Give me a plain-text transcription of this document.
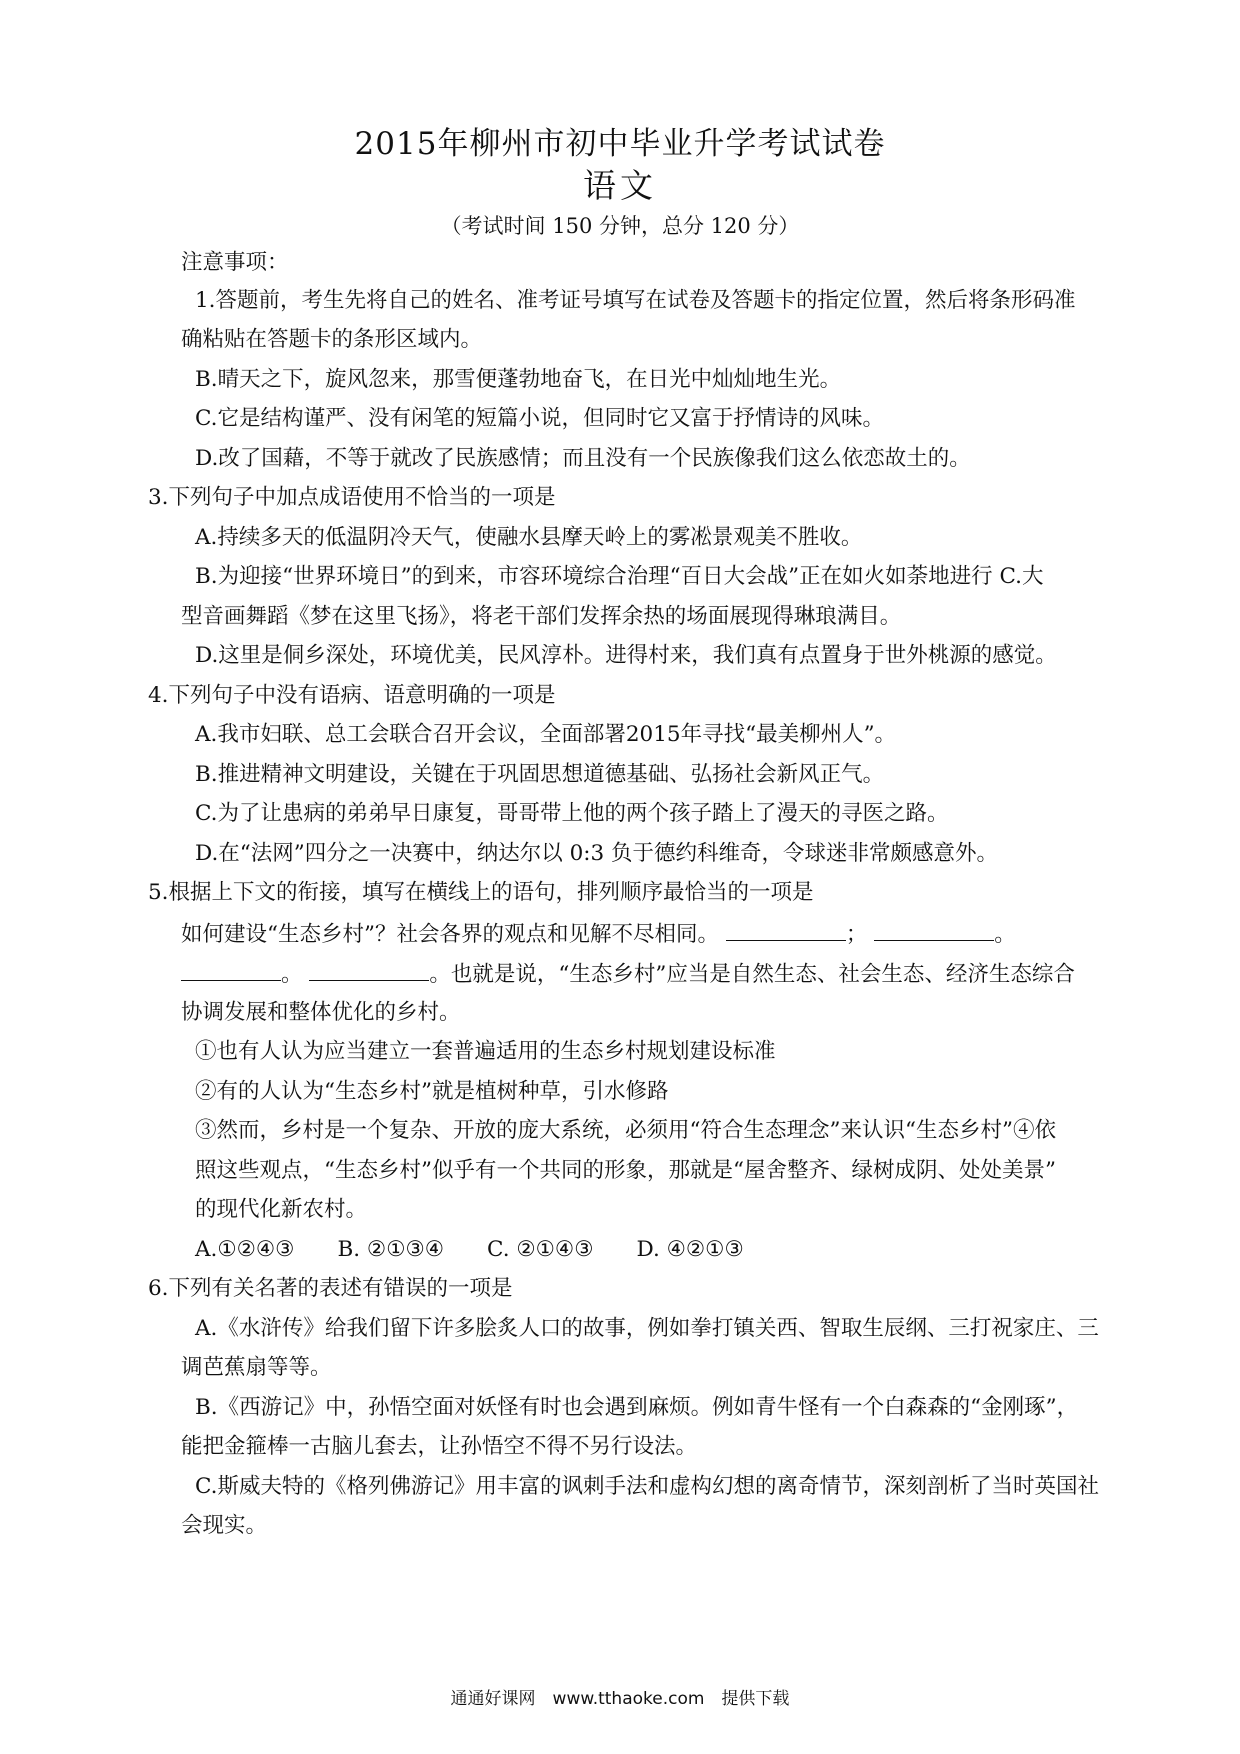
2015年柳州市初中毕业升学考试试卷
语文
（考试时间 150 分钟，总分 120 分）
注意事项：
1.答题前，考生先将自己的姓名、准考证号填写在试卷及答题卡的指定位置，然后将条形码准
确粘贴在答题卡的条形区域内。
B.晴天之下，旋风忽来，那雪便蓬勃地奋飞，在日光中灿灿地生光。
C.它是结构谨严、没有闲笔的短篇小说，但同时它又富于抒情诗的风味。
D.改了国藉，不等于就改了民族感情；而且没有一个民族像我们这么依恋故土的。
3.下列句子中加点成语使用不恰当的一项是
A.持续多天的低温阴冷天气，使融水县摩天岭上的雾凇景观美不胜收。
B.为迎接“世界环境日”的到来，市容环境综合治理“百日大会战”正在如火如荼地进行 C.大
型音画舞蹈《梦在这里飞扬》，将老干部们发挥余热的场面展现得琳琅满目。
D.这里是侗乡深处，环境优美，民风淳朴。进得村来，我们真有点置身于世外桃源的感觉。
4.下列句子中没有语病、语意明确的一项是
A.我市妇联、总工会联合召开会议，全面部署2015年寻找“最美柳州人”。
B.推进精神文明建设，关键在于巩固思想道德基础、弘扬社会新风正气。
C.为了让患病的弟弟早日康复，哥哥带上他的两个孩子踏上了漫天的寻医之路。
D.在“法网”四分之一决赛中，纳达尔以 0:3 负于德约科维奇，令球迷非常颇感意外。
5.根据上下文的衔接，填写在横线上的语句，排列顺序最恰当的一项是
如何建设“生态乡村”？社会各界的观点和见解不尽相同。	；	。
。	。也就是说，“生态乡村”应当是自然生态、社会生态、经济生态综合
协调发展和整体优化的乡村。
①也有人认为应当建立一套普遍适用的生态乡村规划建设标准
②有的人认为“生态乡村”就是植树种草，引水修路
③然而，乡村是一个复杂、开放的庞大系统，必须用“符合生态理念”来认识“生态乡村”④依
照这些观点，“生态乡村”似乎有一个共同的形象，那就是“屋舍整齐、绿树成阴、处处美景”
的现代化新农村。
A.①②④③　　B. ②①③④　　C. ②①④③　　D. ④②①③
6.下列有关名著的表述有错误的一项是
A.《水浒传》给我们留下许多脍炙人口的故事，例如拳打镇关西、智取生辰纲、三打祝家庄、三
调芭蕉扇等等。
B.《西游记》中，孙悟空面对妖怪有时也会遇到麻烦。例如青牛怪有一个白森森的“金刚琢”，
能把金箍棒一古脑儿套去，让孙悟空不得不另行设法。
C.斯威夫特的《格列佛游记》用丰富的讽刺手法和虚构幻想的离奇情节，深刻剖析了当时英国社
会现实。
通通好课网　www.tthaoke.com　提供下载
